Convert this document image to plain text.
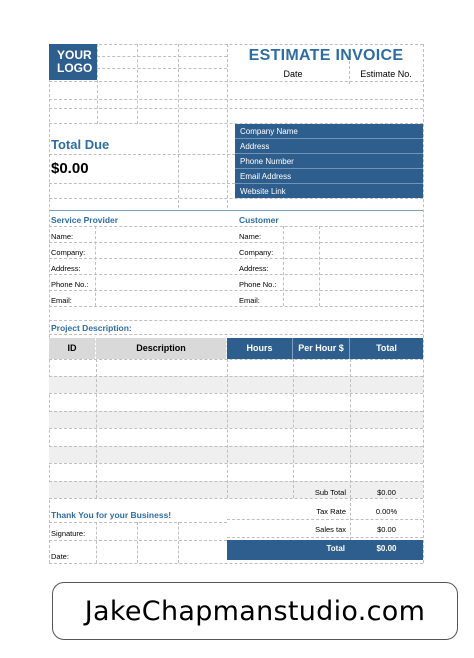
YOUR
LOGO
ESTIMATE INVOICE
Date	Estimate No.
Company Name
Address
Phone Number
Email Address
Website Link
Total Due
$0.00
Service Provider	Customer
Name:
Company:
Address:
Phone No.:
Email:
Name:
Company:
Address:
Phone No.:
Email:
Project Description:
ID	Description	Hours	Per Hour $	Total
Sub Total	$0.00
Tax Rate	0.00%
Sales tax	$0.00
Thank You for your Business!
Signature:
Date:
Total	$0.00
JakeChapmanstudio.com
